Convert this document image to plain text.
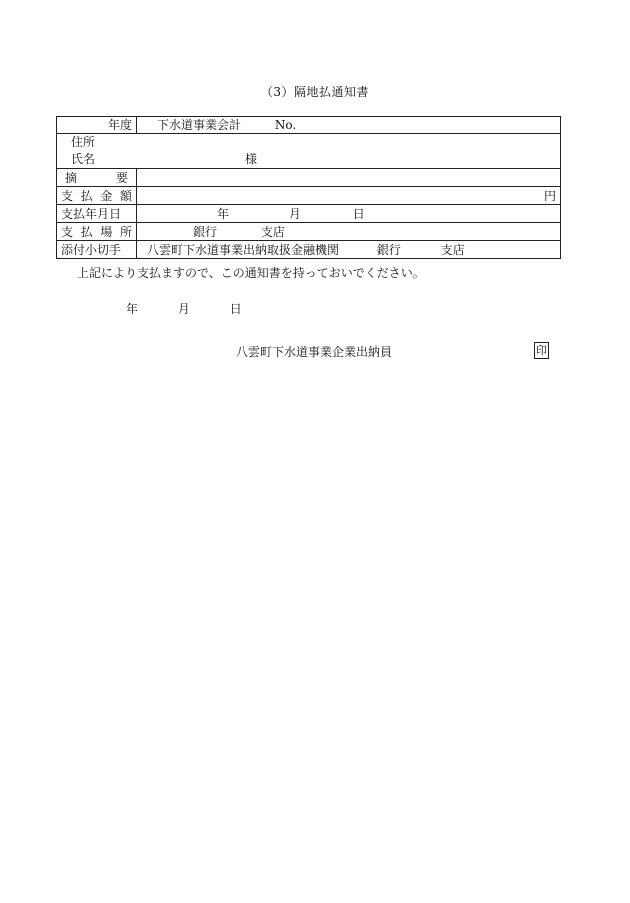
（3）隔地払通知書
年度	下水道事業会計 No.

住所
氏名 様	

摘 要	

支 払 金 額	円
支払年月日	年 月 日

支 払 場 所	銀行 支店
添付小切手	八雲町下水道事業出納取扱金融機関 銀行 支店
上記により支払ますので、この通知書を持っておいでください。
年	月	日
八雲町下水道事業企業出納員	印
